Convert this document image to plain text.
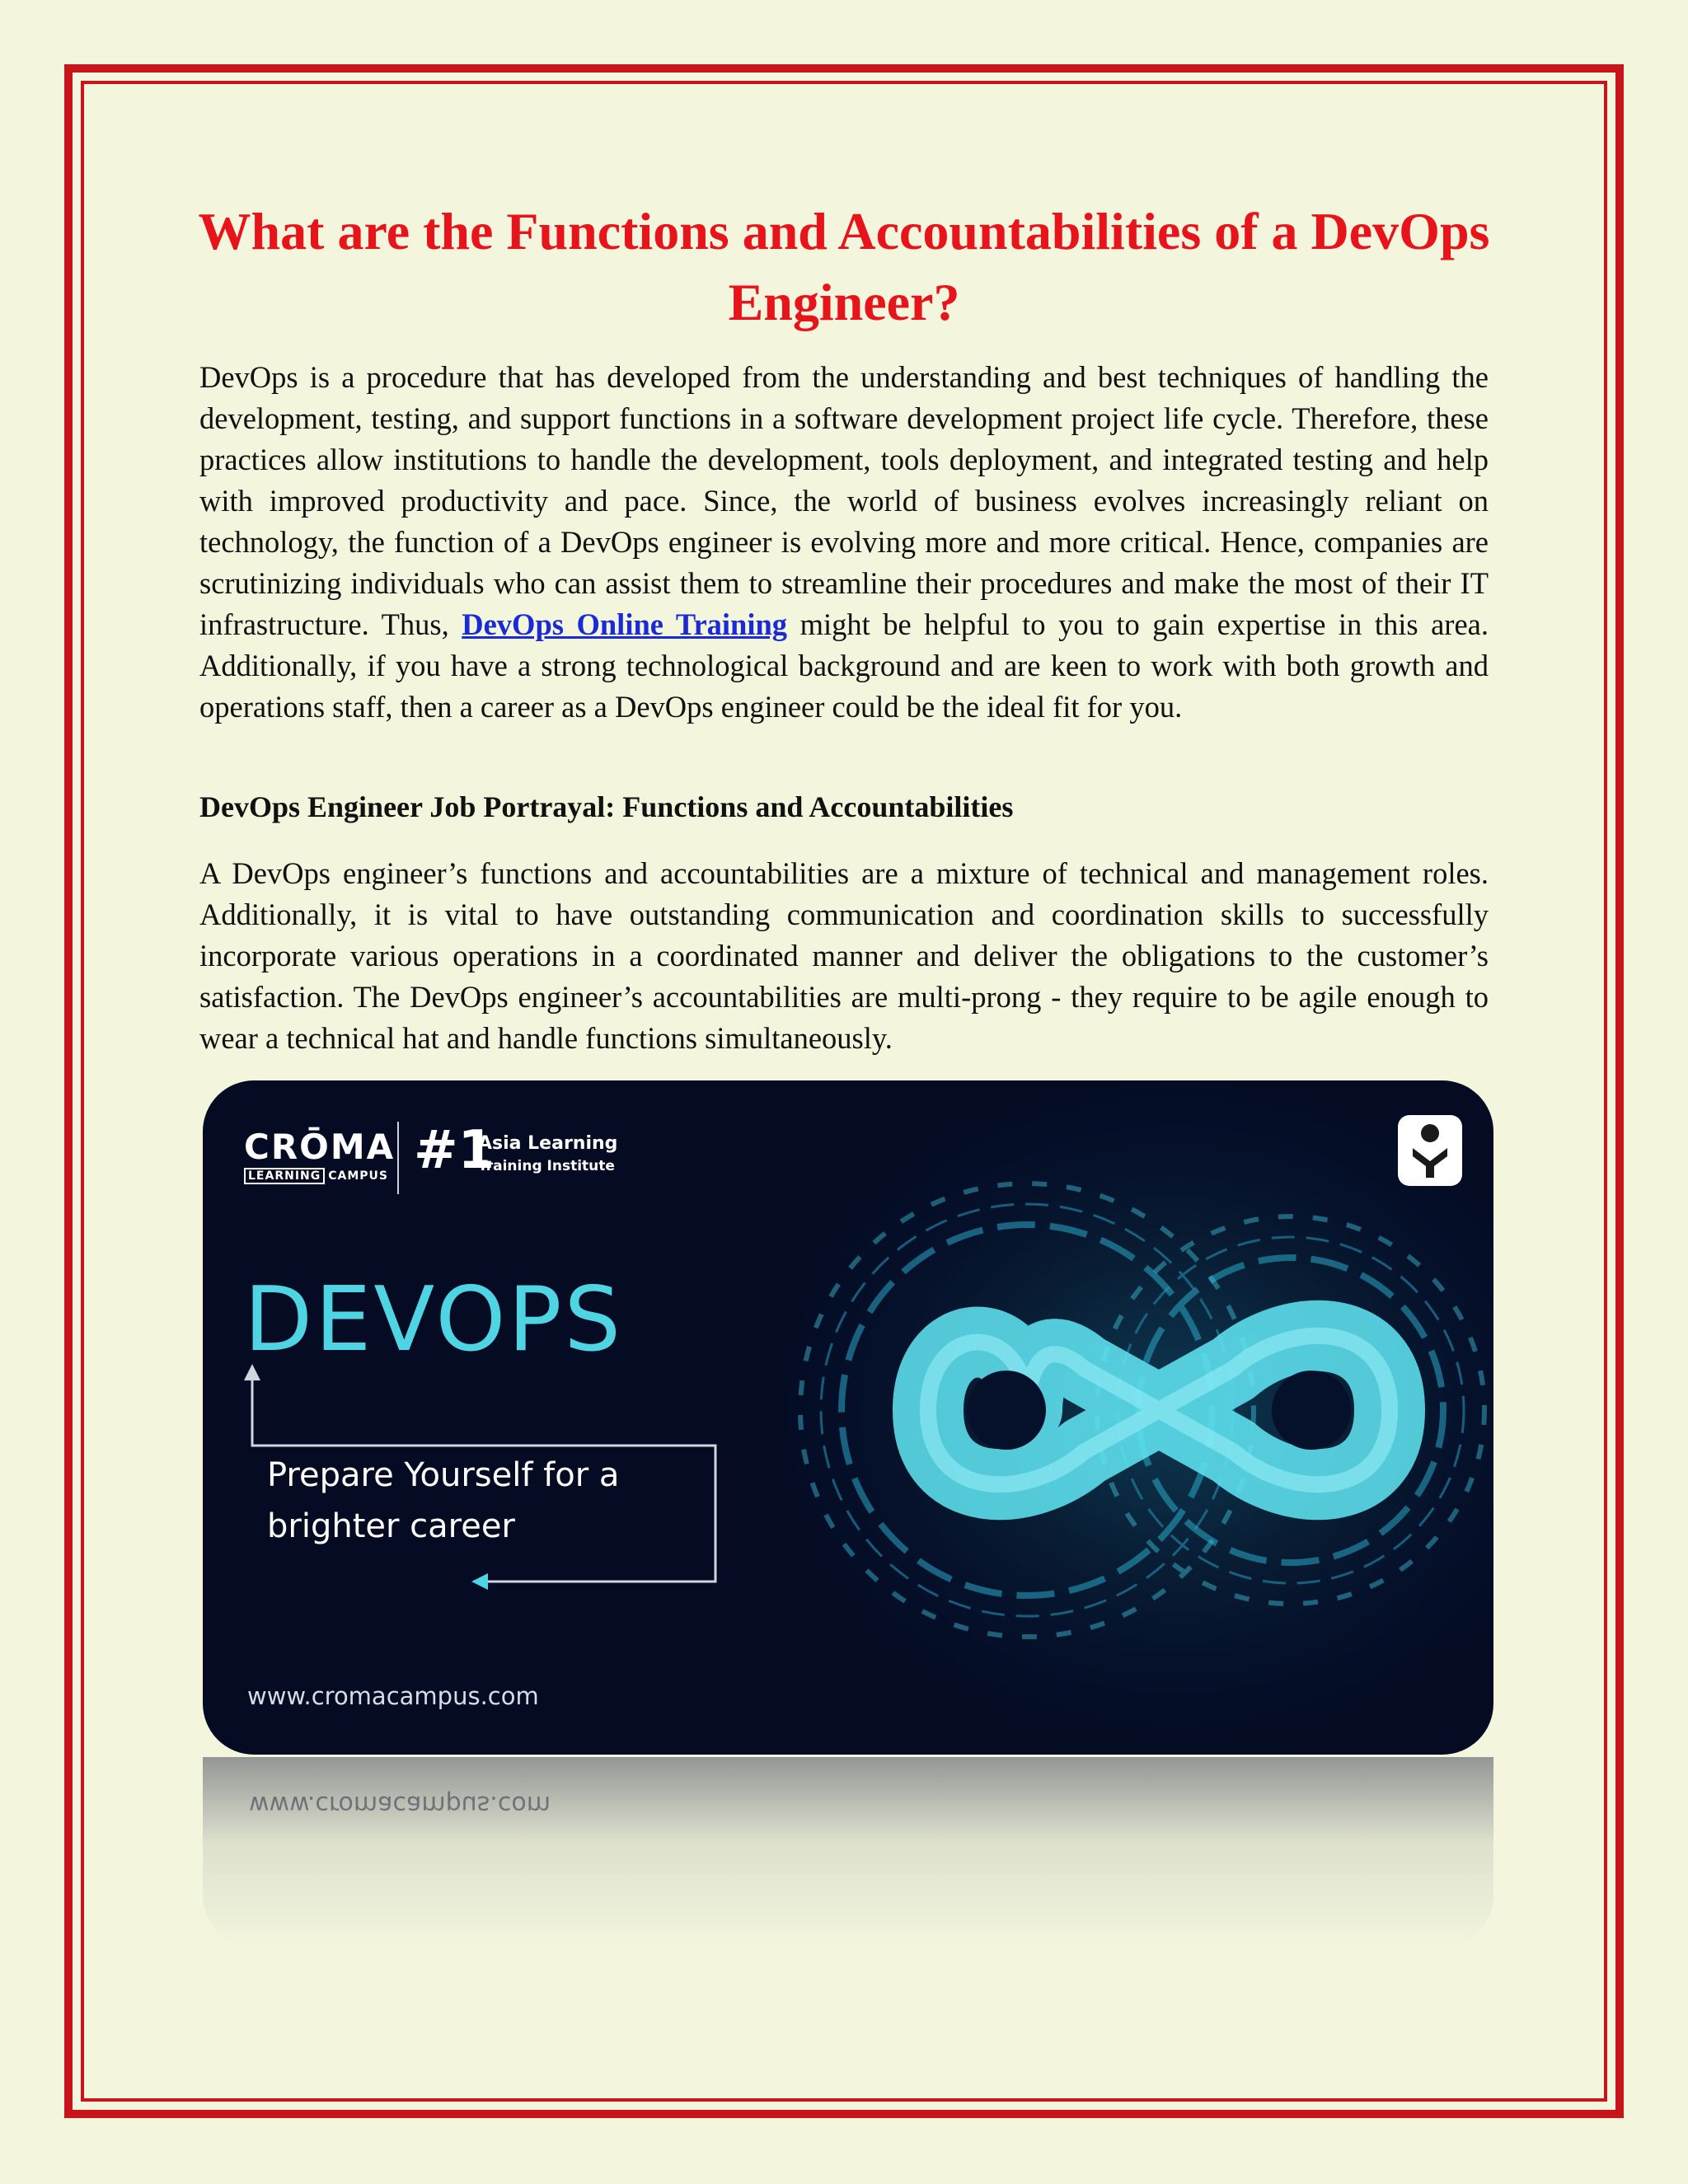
What are the Functions and Accountabilities of a DevOps Engineer?

DevOps is a procedure that has developed from the understanding and best techniques of handling the development, testing, and support functions in a software development project life cycle. Therefore, these practices allow institutions to handle the development, tools deployment, and integrated testing and help with improved productivity and pace. Since, the world of business evolves increasingly reliant on technology, the function of a DevOps engineer is evolving more and more critical. Hence, companies are scrutinizing individuals who can assist them to streamline their procedures and make the most of their IT infrastructure. Thus, DevOps Online Training might be helpful to you to gain expertise in this area. Additionally, if you have a strong technological background and are keen to work with both growth and operations staff, then a career as a DevOps engineer could be the ideal fit for you.

DevOps Engineer Job Portrayal: Functions and Accountabilities

A DevOps engineer’s functions and accountabilities are a mixture of technical and management roles. Additionally, it is vital to have outstanding communication and coordination skills to successfully incorporate various operations in a coordinated manner and deliver the obligations to the customer’s satisfaction. The DevOps engineer’s accountabilities are multi-prong - they require to be agile enough to wear a technical hat and handle functions simultaneously.

CRŌMA
LEARNING CAMPUS #1
Asia Learning
Training Institute
DEVOPS
Prepare Yourself for a brighter career
www.cromacampus.com
www.cromacampus.com
